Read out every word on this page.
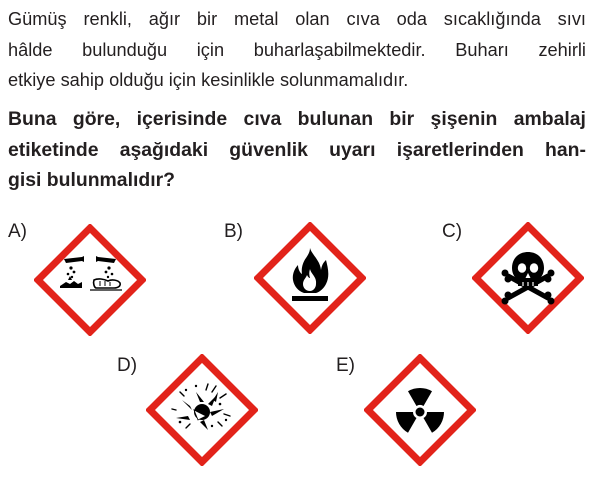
Gümüş renkli, ağır bir metal olan cıva oda sıcaklığında sıvı
hâlde bulunduğu için buharlaşabilmektedir. Buharı zehirli
etkiye sahip olduğu için kesinlikle solunmamalıdır.
Buna göre, içerisinde cıva bulunan bir şişenin ambalaj
etiketinde aşağıdaki güvenlik uyarı işaretlerinden han-
gisi bulunmalıdır?
A)	B)	C)
D)	E)
